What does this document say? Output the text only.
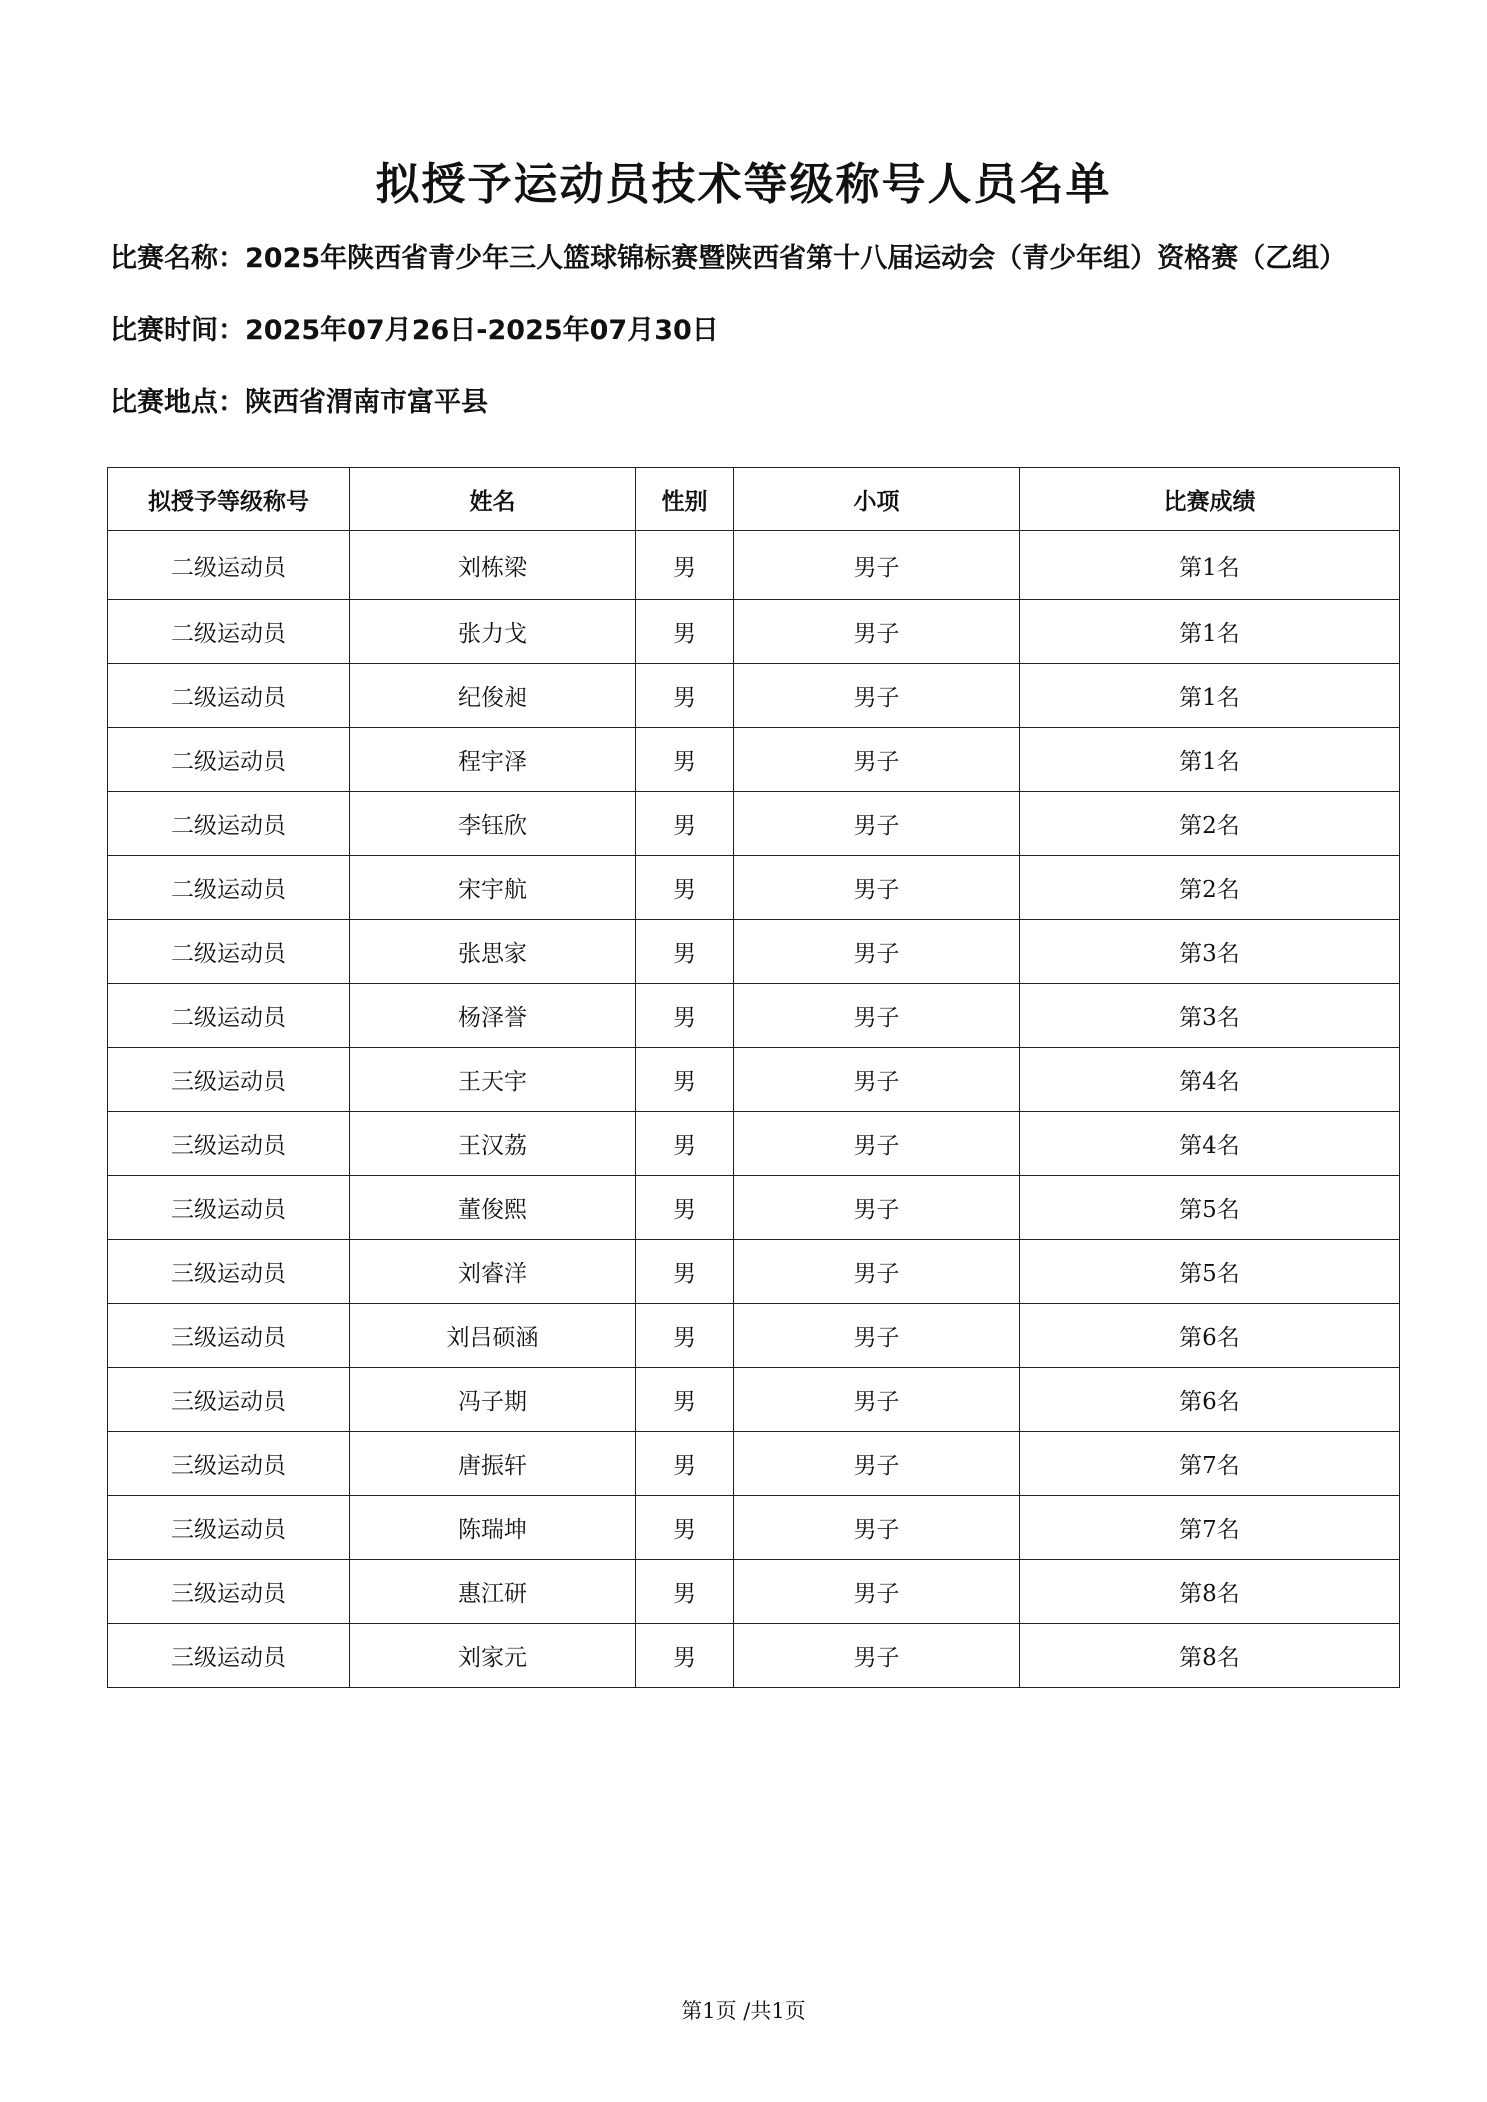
拟授予运动员技术等级称号人员名单
比赛名称：2025年陕西省青少年三人篮球锦标赛暨陕西省第十八届运动会（青少年组）资格赛（乙组）
比赛时间：2025年07月26日-2025年07月30日
比赛地点：陕西省渭南市富平县
拟授予等级称号	姓名	性别	小项	比赛成绩
二级运动员	刘栋梁	男	男子	第1名
二级运动员	张力戈	男	男子	第1名
二级运动员	纪俊昶	男	男子	第1名
二级运动员	程宇泽	男	男子	第1名
二级运动员	李钰欣	男	男子	第2名
二级运动员	宋宇航	男	男子	第2名
二级运动员	张思家	男	男子	第3名
二级运动员	杨泽誉	男	男子	第3名
三级运动员	王天宇	男	男子	第4名
三级运动员	王汉荔	男	男子	第4名
三级运动员	董俊熙	男	男子	第5名
三级运动员	刘睿洋	男	男子	第5名
三级运动员	刘吕硕涵	男	男子	第6名
三级运动员	冯子期	男	男子	第6名
三级运动员	唐振轩	男	男子	第7名
三级运动员	陈瑞坤	男	男子	第7名
三级运动员	惠江研	男	男子	第8名
三级运动员	刘家元	男	男子	第8名
第1页 /共1页
